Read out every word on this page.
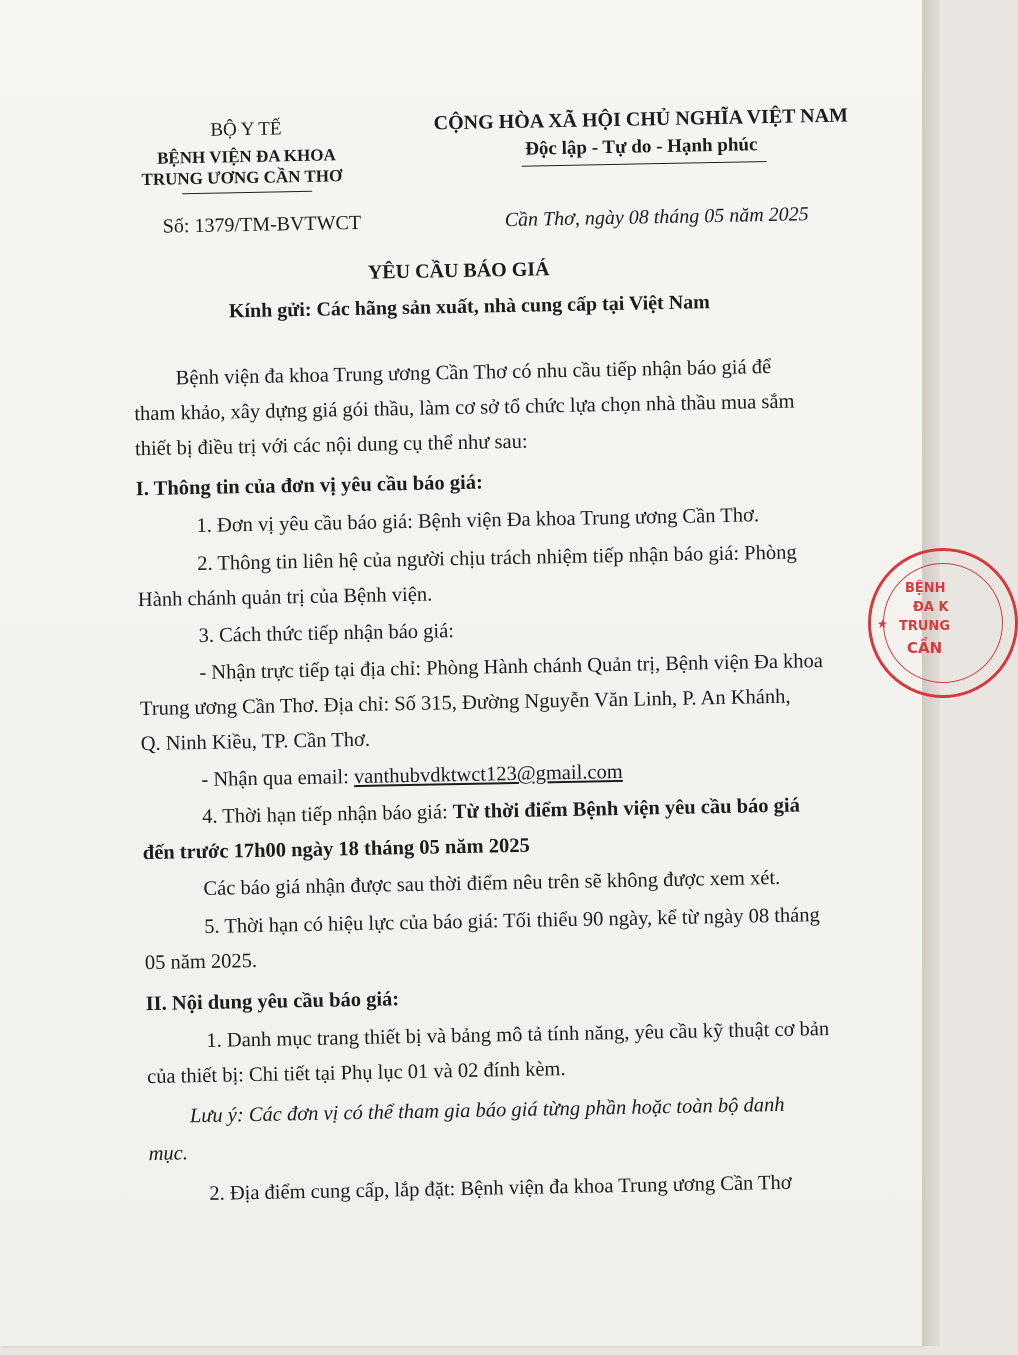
BỘ Y TẾ
BỆNH VIỆN ĐA KHOA
TRUNG ƯƠNG CẦN THƠ
CỘNG HÒA XÃ HỘI CHỦ NGHĨA VIỆT NAM
Độc lập - Tự do - Hạnh phúc
Số: 1379/TM-BVTWCT	Cần Thơ, ngày 08 tháng 05 năm 2025
YÊU CẦU BÁO GIÁ
Kính gửi: Các hãng sản xuất, nhà cung cấp tại Việt Nam
Bệnh viện đa khoa Trung ương Cần Thơ có nhu cầu tiếp nhận báo giá để
tham khảo, xây dựng giá gói thầu, làm cơ sở tổ chức lựa chọn nhà thầu mua sắm
thiết bị điều trị với các nội dung cụ thể như sau:
I. Thông tin của đơn vị yêu cầu báo giá:
1. Đơn vị yêu cầu báo giá: Bệnh viện Đa khoa Trung ương Cần Thơ.
2. Thông tin liên hệ của người chịu trách nhiệm tiếp nhận báo giá: Phòng
Hành chánh quản trị của Bệnh viện.
3. Cách thức tiếp nhận báo giá:
- Nhận trực tiếp tại địa chỉ: Phòng Hành chánh Quản trị, Bệnh viện Đa khoa
Trung ương Cần Thơ. Địa chỉ: Số 315, Đường Nguyễn Văn Linh, P. An Khánh,
Q. Ninh Kiều, TP. Cần Thơ.
- Nhận qua email: vanthubvdktwct123@gmail.com
4. Thời hạn tiếp nhận báo giá: Từ thời điểm Bệnh viện yêu cầu báo giá
đến trước 17h00 ngày 18 tháng 05 năm 2025
Các báo giá nhận được sau thời điểm nêu trên sẽ không được xem xét.
5. Thời hạn có hiệu lực của báo giá: Tối thiểu 90 ngày, kể từ ngày 08 tháng
05 năm 2025.
II. Nội dung yêu cầu báo giá:
1. Danh mục trang thiết bị và bảng mô tả tính năng, yêu cầu kỹ thuật cơ bản
của thiết bị: Chi tiết tại Phụ lục 01 và 02 đính kèm.
Lưu ý: Các đơn vị có thể tham gia báo giá từng phần hoặc toàn bộ danh
mục.
2. Địa điểm cung cấp, lắp đặt: Bệnh viện đa khoa Trung ương Cần Thơ
★
BỆNH
ĐA K
TRUNG
CẦN
